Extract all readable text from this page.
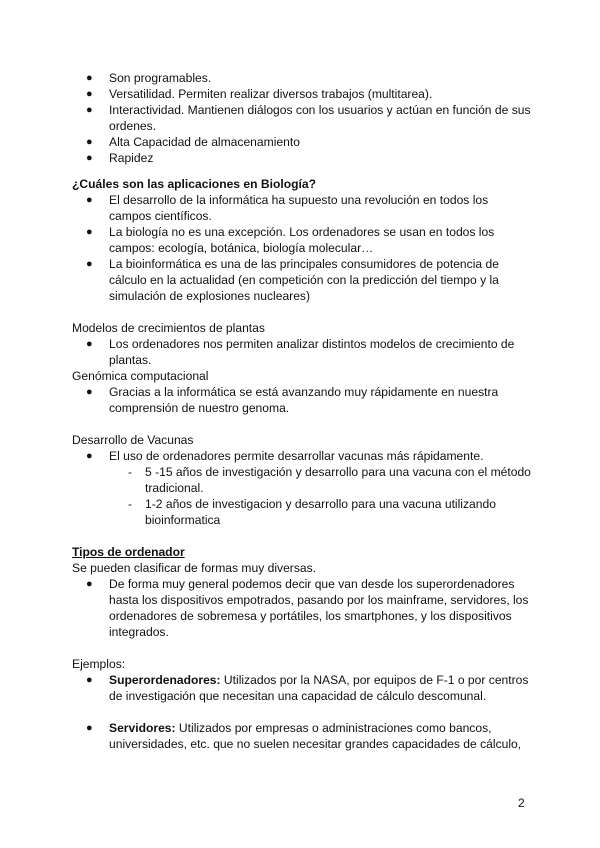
● Son programables.
● Versatilidad. Permiten realizar diversos trabajos (multitarea).
● Interactividad. Mantienen diálogos con los usuarios y actúan en función de sus ordenes.
● Alta Capacidad de almacenamiento
● Rapidez

¿Cuáles son las aplicaciones en Biología?

● El desarrollo de la informática ha supuesto una revolución en todos los campos científicos.
● La biología no es una excepción. Los ordenadores se usan en todos los campos: ecología, botánica, biología molecular…
● La bioinformática es una de las principales consumidores de potencia de cálculo en la actualidad (en competición con la predicción del tiempo y la simulación de explosiones nucleares)

Modelos de crecimientos de plantas

● Los ordenadores nos permiten analizar distintos modelos de crecimiento de plantas.

Genómica computacional

● Gracias a la informática se está avanzando muy rápidamente en nuestra comprensión de nuestro genoma.

Desarrollo de Vacunas

● El uso de ordenadores permite desarrollar vacunas más rápidamente.
- 5 -15 años de investigación y desarrollo para una vacuna con el método tradicional.
- 1-2 años de investigacion y desarrollo para una vacuna utilizando bioinformatica

Tipos de ordenador

Se pueden clasificar de formas muy diversas.

● De forma muy general podemos decir que van desde los superordenadores hasta los dispositivos empotrados, pasando por los mainframe, servidores, los ordenadores de sobremesa y portátiles, los smartphones, y los dispositivos integrados.

Ejemplos:

● Superordenadores: Utilizados por la NASA, por equipos de F-1 o por centros de investigación que necesitan una capacidad de cálculo descomunal.
● Servidores: Utilizados por empresas o administraciones como bancos, universidades, etc. que no suelen necesitar grandes capacidades de cálculo,
2
